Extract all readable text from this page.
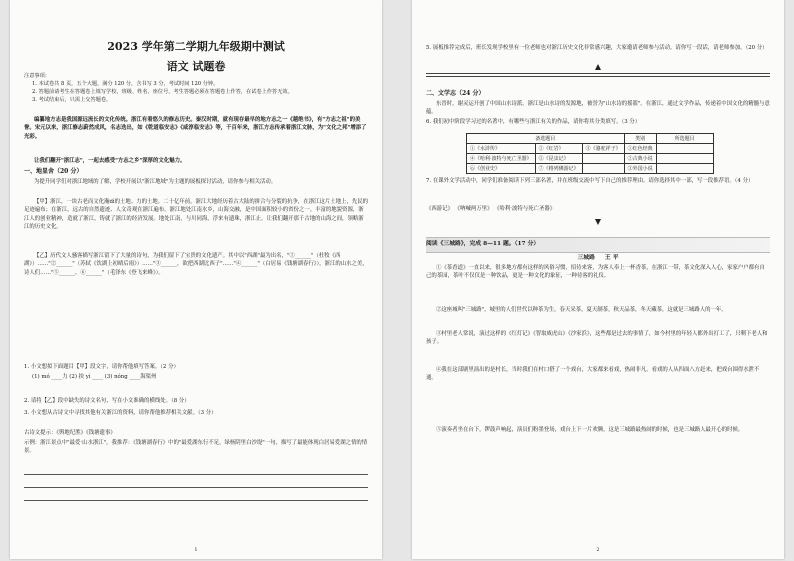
2023 学年第二学期九年级期中测试
语文 试题卷
注意事项：
1. 本试卷共 8 页，五个大题，满分 120 分，含书写 3 分，考试时间 120 分钟。
2. 答题前请考生在答题卷上填写学校、班级、姓名、座位号，考生答题必须在答题卷上作答，在试卷上作答无效。
3. 考试结束后，只需上交答题卷。
编纂地方志是我国源远流长的文化传统。浙江有着悠久的修志历史。秦汉时期，就有现存最早的地方志之一《越绝书》，有"方志之祖"的美誉。宋元以来，浙江修志蔚然成风，名志迭出，如《乾道临安志》《咸淳临安志》等，千百年来，浙江方志传承着浙江文脉，为"文化之邦"增添了光彩。
让我们翻开"浙江志"，一起去感受"方志之乡"深厚的文化魅力。
一、地显舍（20 分）
为提升同学们对浙江地域的了解，学校开展以"浙江地域"为主题的展板探讨活动，请你参与相关活动。
【甲】浙江，一块古老而文化瀚dì的土地。力的土地。二十亿年前，浙江大地经历着古大陆的拼合与分裂的抗争，在浙江这片土地上，先民的足迹遍布；在浙江，远古的自然遗迹、人文奇观在浙江遍布。浙江地处江南水乡，山海交融，是中国面积较小的省份之一。丰富的地貌资源，浙江人的创业精神，造就了浙江，铸就了浙江的经济发展。地处江南，与川同海，浮来有遗珠，浙江止。让我们翻开那千古地的山海之间，领略浙江的历史文化。
【乙】历代文人骚客描写浙江留下了大量的诗句，为我们留下了宝贵的文化遗产。其中以"西湖"最为出名，"①______"（杜牧《西湖》）……"②______"（苏轼《饮湖上初晴后雨》）……"③______，欲把西湖比西子"……"④______"（白居易《钱塘湖春行》），浙江的山水之美，诗人们……"⑤______，⑥______"（毛泽东《登飞来峰》）。
1. 小文想拟下面题目【甲】段文字，请你帮他填写答案。（2 分）
(1) mó ____力 (2) 抉 yì ____ (3) nóng ____海渠州
2. 请将【乙】段中缺失的诗文名句，写在小文准确的横线处。（8 分）
3. 小文想从古诗文中寻找其他有关浙江的资料，请你帮他推荐相关文献。（3 分）
古诗文提示：《舆地纪胜》《钱塘遗事》
示例：浙江景点中"最爱·山水浙江"，我推荐：《钱塘湖春行》中的"最爱湖东行不足，绿杨阴里白沙堤"一句，描写了最能体现白居易爱湖之情的情景。
1
5. 展板推荐完成后，班长发现学校里有一位老师也对浙江历史文化非常感兴趣，大家邀请老师参与活动。请你写一段话，请老师参加。（20 分）
二、文学志（24 分）
东晋时，谢灵运开创了中国山水诗派。浙江是山水诗的发源地，被誉为"山水诗的摇篮"。在浙江，通过文学作品，传递着中国文化的精髓与意蕴。
6. 我们初中阶段学习过的名著中，有哪些与浙江有关的作品，请你将其分类填写。（3 分）
备选题目			类别	所选题目
①《水浒传》	②《红岩》	③《骆驼祥子》	①红色经典	
④《哈利·波特与死亡圣器》	⑤《昆虫记》		②古典小说	
⑥《创业史》	⑦《格列佛游记》		③外国小说	
7. 在课外文学活动中，同学们准备阅读下列三部名著，并在班级交流中写下自己的推荐理由。请你选择其中一部，写一段推荐语。（4 分）
《西游记》 《呐喊两万里》 《哈利·波特与死亡圣器》
阅读《三城路》，完成 8—11 题。（17 分）
三城路 王 平
①《茶香道》一直以来，很多地方都有这样的风俗习惯，招待来客，为客人奉上一杯香茶，在浙江一带，茶文化深入人心，家家户户都有自己的茶园，茶叶不仅仅是一种饮品，更是一种文化的象征，一种待客的礼仪。
②这座城叫"三城路"，城里的人们世代以种茶为生，春天采茶，夏天制茶，秋天品茶，冬天藏茶，这就是三城路人的一年。
③村里老人常说，演过这样的《红灯记》《智取威虎山》《沙家浜》，这些都是过去的事情了，如今村里的年轻人都外出打工了，只剩下老人和孩子。
④我在这部剧里演出的是村长，当时我们在村口搭了一个戏台，大家都来看戏，热闹非凡。看戏的人从四面八方赶来，把戏台围得水泄不通。
⑤演奏者坐在台下，锣鼓声响起，演员们粉墨登场，戏台上下一片欢腾，这是三城路最热闹的时候，也是三城路人最开心的时候。
2
